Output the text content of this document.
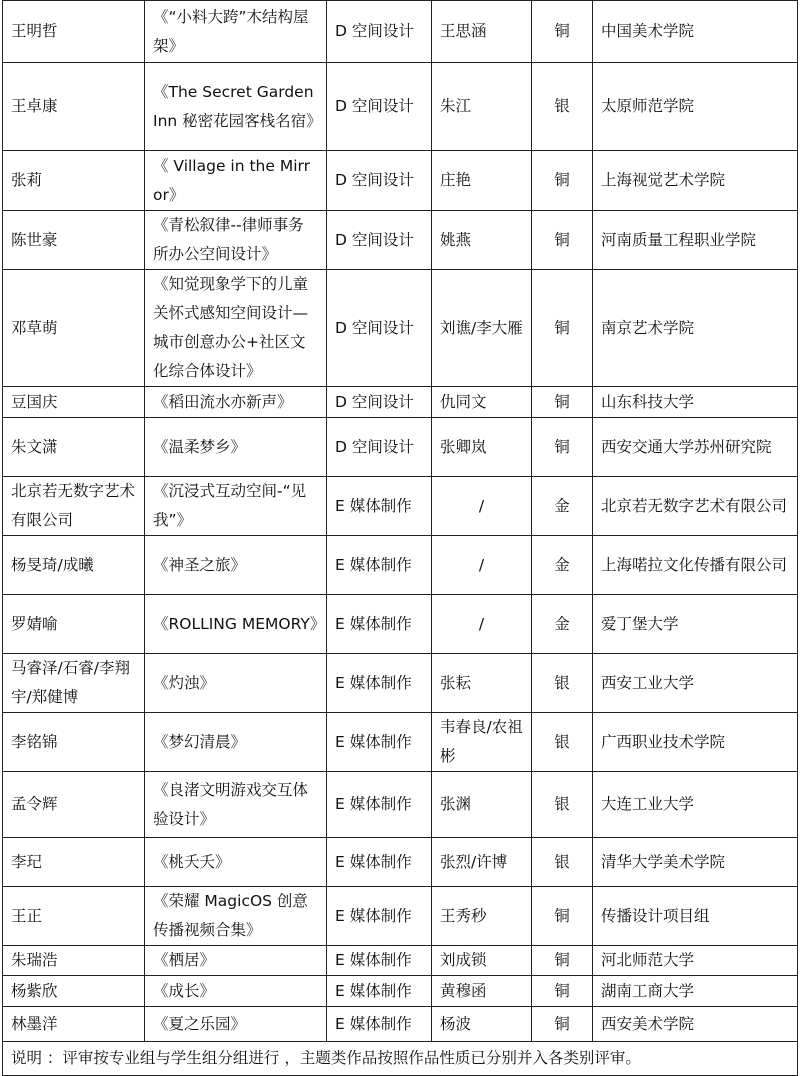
王明哲	《“小料大跨”木结构屋架》	D 空间设计	王思涵	铜	中国美术学院
王卓康	《The Secret Garden Inn 秘密花园客栈名宿》	D 空间设计	朱江	银	太原师范学院
张莉	《 Village in the Mirror》	D 空间设计	庄艳	铜	上海视觉艺术学院
陈世豪	《青松叙律--律师事务所办公空间设计》	D 空间设计	姚燕	铜	河南质量工程职业学院
邓草萌	《知觉现象学下的儿童关怀式感知空间设计—城市创意办公+社区文化综合体设计》	D 空间设计	刘谯/李大雁	铜	南京艺术学院
豆国庆	《稻田流水亦新声》	D 空间设计	仇同文	铜	山东科技大学
朱文潇	《温柔梦乡》	D 空间设计	张卿岚	铜	西安交通大学苏州研究院
北京若无数字艺术有限公司	《沉浸式互动空间-“见我”》	E 媒体制作	/	金	北京若无数字艺术有限公司
杨旻琦/成曦	《神圣之旅》	E 媒体制作	/	金	上海喏拉文化传播有限公司
罗婧喻	《ROLLING MEMORY》	E 媒体制作	/	金	爱丁堡大学
马睿泽/石睿/李翔宇/郑健博	《灼浊》	E 媒体制作	张耘	银	西安工业大学
李铭锦	《梦幻清晨》	E 媒体制作	韦春良/农祖彬	银	广西职业技术学院
孟令辉	《良渚文明游戏交互体验设计》	E 媒体制作	张渊	银	大连工业大学
李玘	《桃夭夭》	E 媒体制作	张烈/许博	银	清华大学美术学院
王正	《荣耀 MagicOS 创意传播视频合集》	E 媒体制作	王秀秒	铜	传播设计项目组
朱瑞浩	《栖居》	E 媒体制作	刘成锁	铜	河北师范大学
杨紫欣	《成长》	E 媒体制作	黄穆函	铜	湖南工商大学
林墨洋	《夏之乐园》	E 媒体制作	杨波	铜	西安美术学院
说明 ：评审按专业组与学生组分组进行 ，主题类作品按照作品性质已分别并入各类别评审。					
